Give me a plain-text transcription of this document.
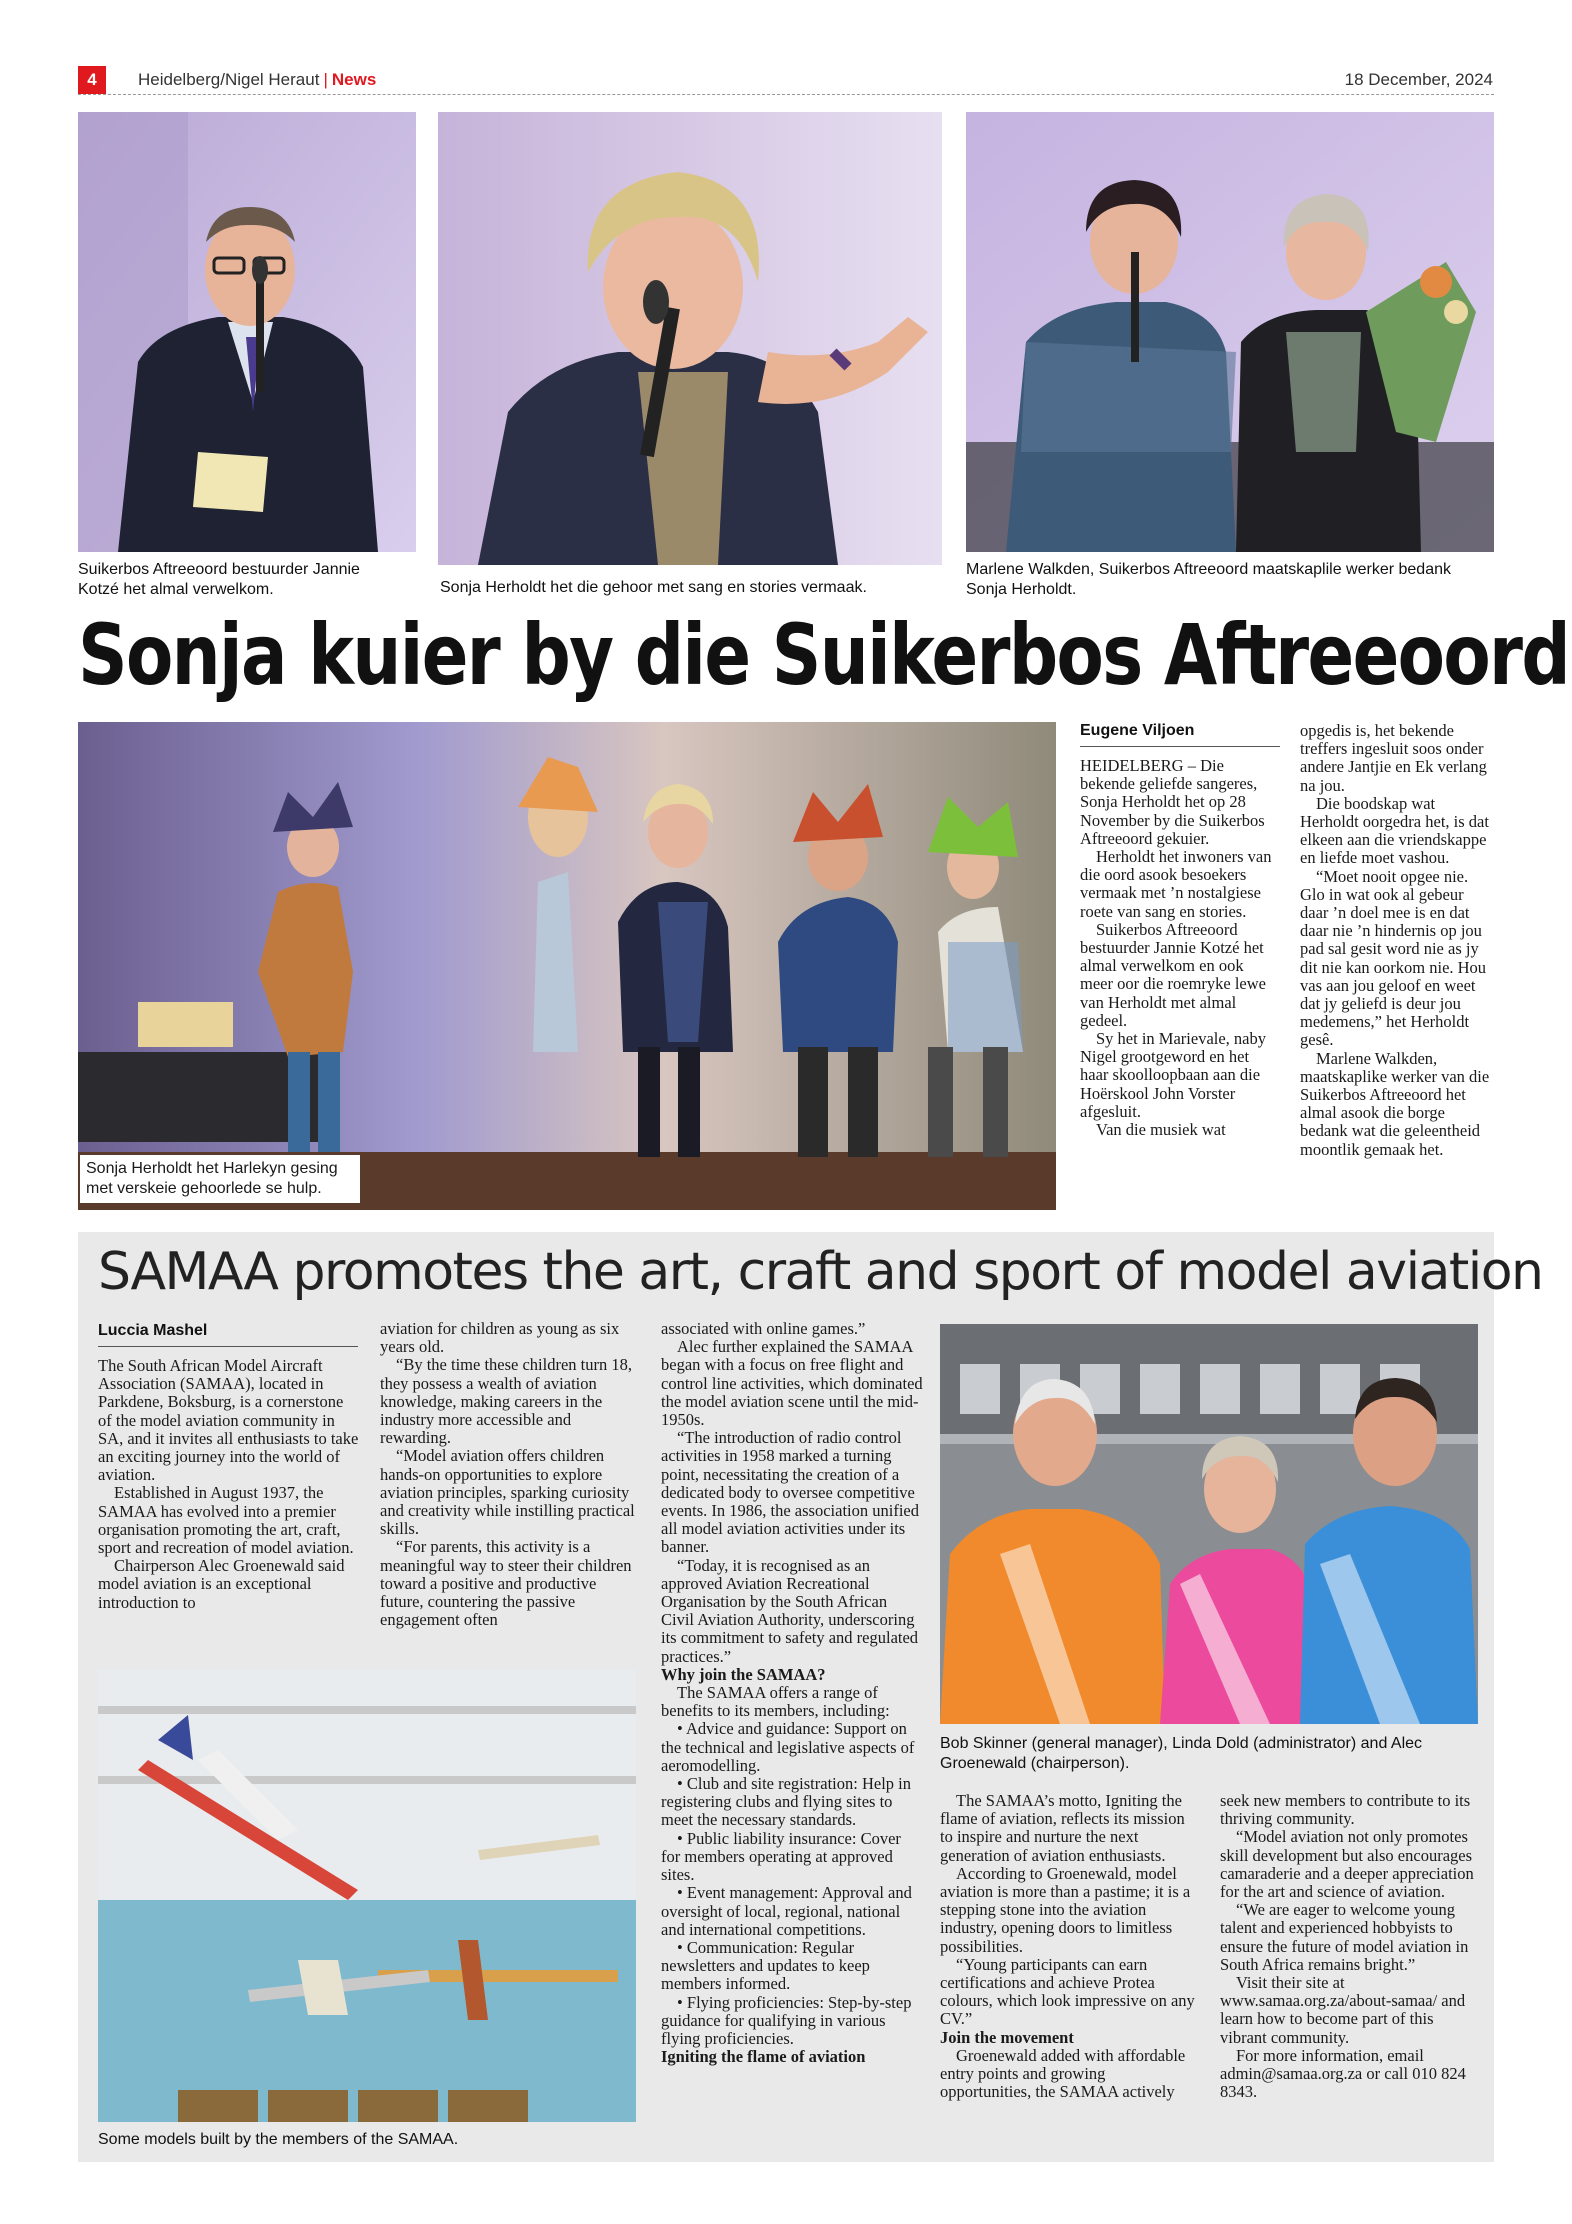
4	Heidelberg/Nigel Heraut | News	18 December, 2024

Suikerbos Aftreeoord bestuurder Jannie Kotzé het almal verwelkom.	Sonja Herholdt het die gehoor met sang en stories vermaak.

Marlene Walkden, Suikerbos Aftreeoord maatskaplile werker bedank Sonja Herholdt.

Sonja kuier by die Suikerbos Aftreeoord
Sonja Herholdt het Harlekyn gesing met verskeie gehoorlede se hulp.
Eugene Viljoen

HEIDELBERG – Die bekende geliefde sangeres, Sonja Herholdt het op 28 November by die Suikerbos Aftreeoord gekuier.

Herholdt het inwoners van die oord asook besoekers vermaak met ’n nostalgiese roete van sang en stories.

Suikerbos Aftreeoord bestuurder Jannie Kotzé het almal verwelkom en ook meer oor die roemryke lewe van Herholdt met almal gedeel.

Sy het in Marievale, naby Nigel grootgeword en het haar skoolloopbaan aan die Hoërskool John Vorster afgesluit.

Van die musiek wat

opgedis is, het bekende treffers ingesluit soos onder andere Jantjie en Ek verlang na jou.

Die boodskap wat Herholdt oorgedra het, is dat elkeen aan die vriendskappe en liefde moet vashou.

“Moet nooit opgee nie. Glo in wat ook al gebeur daar ’n doel mee is en dat daar nie ’n hindernis op jou pad sal gesit word nie as jy dit nie kan oorkom nie. Hou vas aan jou geloof en weet dat jy geliefd is deur jou medemens,” het Herholdt gesê.

Marlene Walkden, maatskaplike werker van die Suikerbos Aftreeoord het almal asook die borge bedank wat die geleentheid moontlik gemaak het.

SAMAA promotes the art, craft and sport of model aviation
Luccia Mashel

The South African Model Aircraft Association (SAMAA), located in Parkdene, Boksburg, is a cornerstone of the model aviation community in SA, and it invites all enthusiasts to take an exciting journey into the world of aviation.

Established in August 1937, the SAMAA has evolved into a premier organisation promoting the art, craft, sport and recreation of model aviation.

Chairperson Alec Groenewald said model aviation is an exceptional introduction to

aviation for children as young as six years old.

“By the time these children turn 18, they possess a wealth of aviation knowledge, making careers in the industry more accessible and rewarding.

“Model aviation offers children hands-on opportunities to explore aviation principles, sparking curiosity and creativity while instilling practical skills.

“For parents, this activity is a meaningful way to steer their children toward a positive and productive future, countering the passive engagement often

associated with online games.”

Alec further explained the SAMAA began with a focus on free flight and control line activities, which dominated the model aviation scene until the mid-1950s.

“The introduction of radio control activities in 1958 marked a turning point, necessitating the creation of a dedicated body to oversee competitive events. In 1986, the association unified all model aviation activities under its banner.

“Today, it is recognised as an approved Aviation Recreational Organisation by the South African Civil Aviation Authority, underscoring its commitment to safety and regulated practices.”

Why join the SAMAA?

The SAMAA offers a range of benefits to its members, including:

• Advice and guidance: Support on the technical and legislative aspects of aeromodelling.

• Club and site registration: Help in registering clubs and flying sites to meet the necessary standards.

• Public liability insurance: Cover for members operating at approved sites.

• Event management: Approval and oversight of local, regional, national and international competitions.

• Communication: Regular newsletters and updates to keep members informed.

• Flying proficiencies: Step-by-step guidance for qualifying in various flying proficiencies.

Igniting the flame of aviation

Bob Skinner (general manager), Linda Dold (administrator) and Alec Groenewald (chairperson).

The SAMAA’s motto, Igniting the flame of aviation, reflects its mission to inspire and nurture the next generation of aviation enthusiasts.

According to Groenewald, model aviation is more than a pastime; it is a stepping stone into the aviation industry, opening doors to limitless possibilities.

“Young participants can earn certifications and achieve Protea colours, which look impressive on any CV.”

Join the movement

Groenewald added with affordable entry points and growing opportunities, the SAMAA actively

seek new members to contribute to its thriving community.

“Model aviation not only promotes skill development but also encourages camaraderie and a deeper appreciation for the art and science of aviation.

“We are eager to welcome young talent and experienced hobbyists to ensure the future of model aviation in South Africa remains bright.”

Visit their site at www.samaa.org.za/about-samaa/ and learn how to become part of this vibrant community.

For more information, email admin@samaa.org.za or call 010 824 8343.

Some models built by the members of the SAMAA.
